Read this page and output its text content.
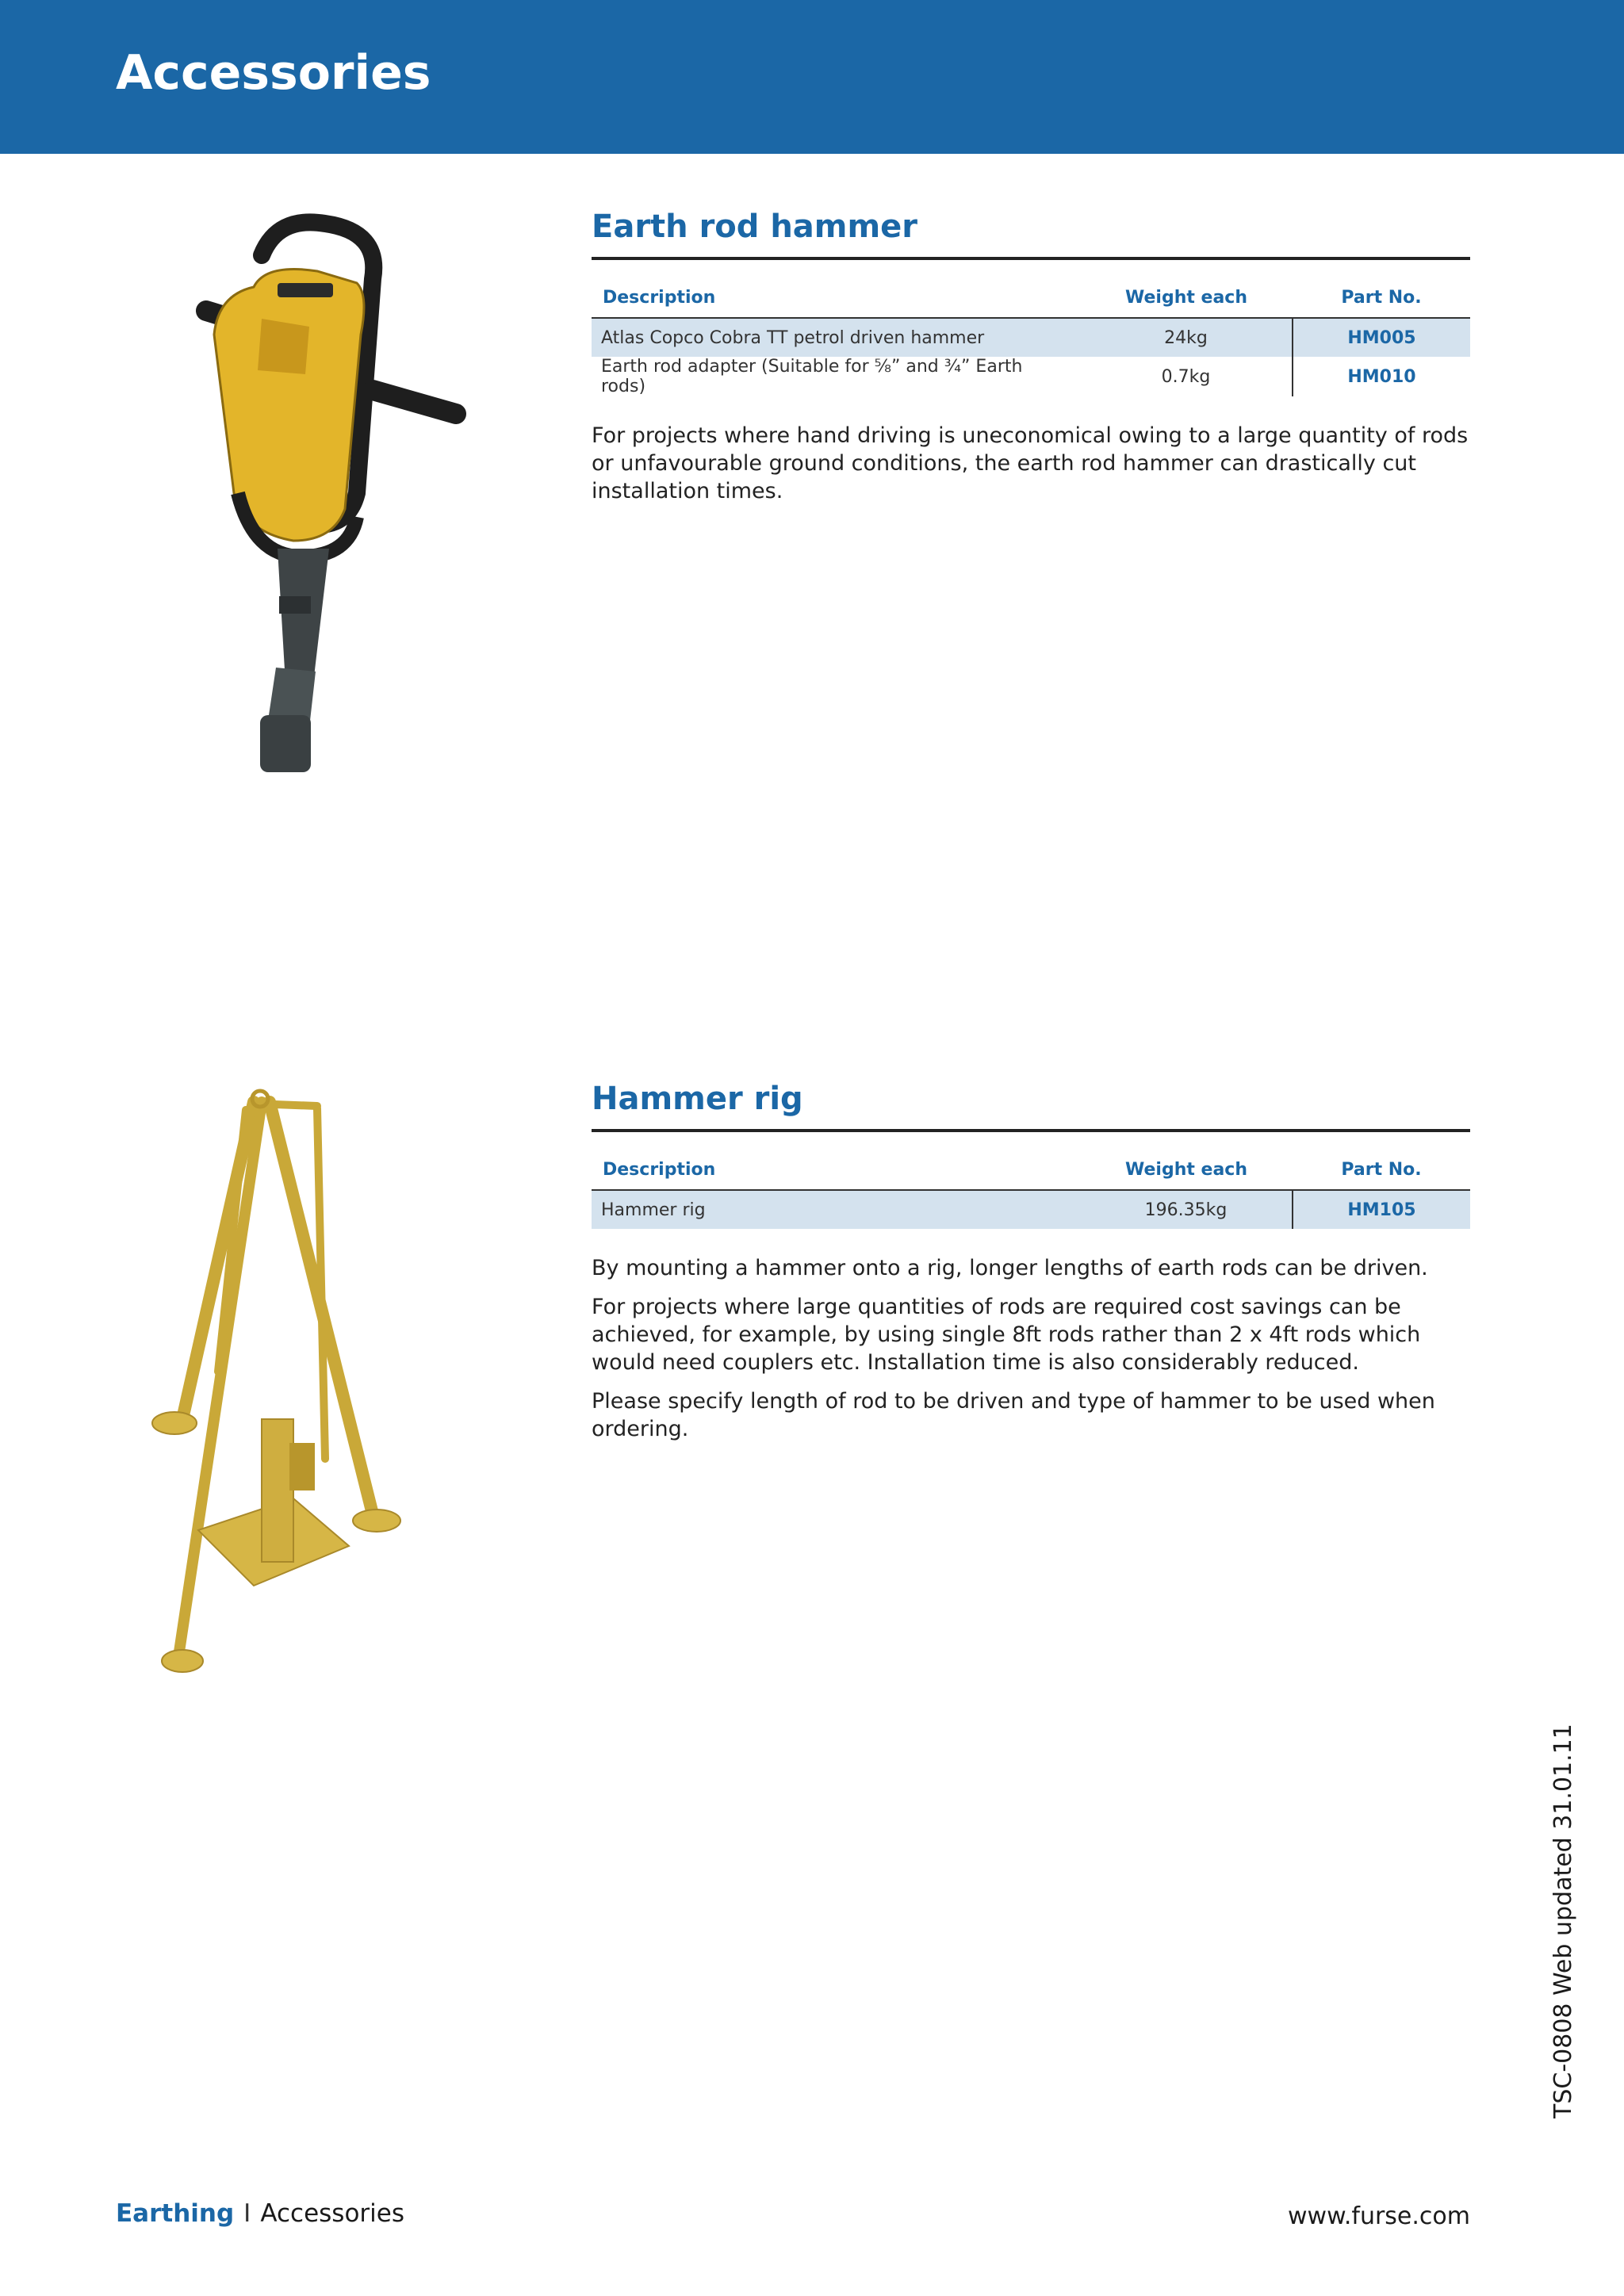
Accessories
Earth rod hammer
Description	Weight each	Part No.
Atlas Copco Cobra TT petrol driven hammer	24kg	HM005
Earth rod adapter (Suitable for ⅝” and ¾” Earth rods)	0.7kg	HM010

For projects where hand driving is uneconomical owing to a large quantity of rods or unfavourable ground conditions, the earth rod hammer can drastically cut installation times.

Hammer rig
Description	Weight each	Part No.
Hammer rig	196.35kg	HM105

By mounting a hammer onto a rig, longer lengths of earth rods can be driven.

For projects where large quantities of rods are required cost savings can be achieved, for example, by using single 8ft rods rather than 2 x 4ft rods which would need couplers etc. Installation time is also considerably reduced.

Please specify length of rod to be driven and type of hammer to be used when ordering.

TSC-0808 Web updated 31.01.11
Earthing I Accessories	www.furse.com
